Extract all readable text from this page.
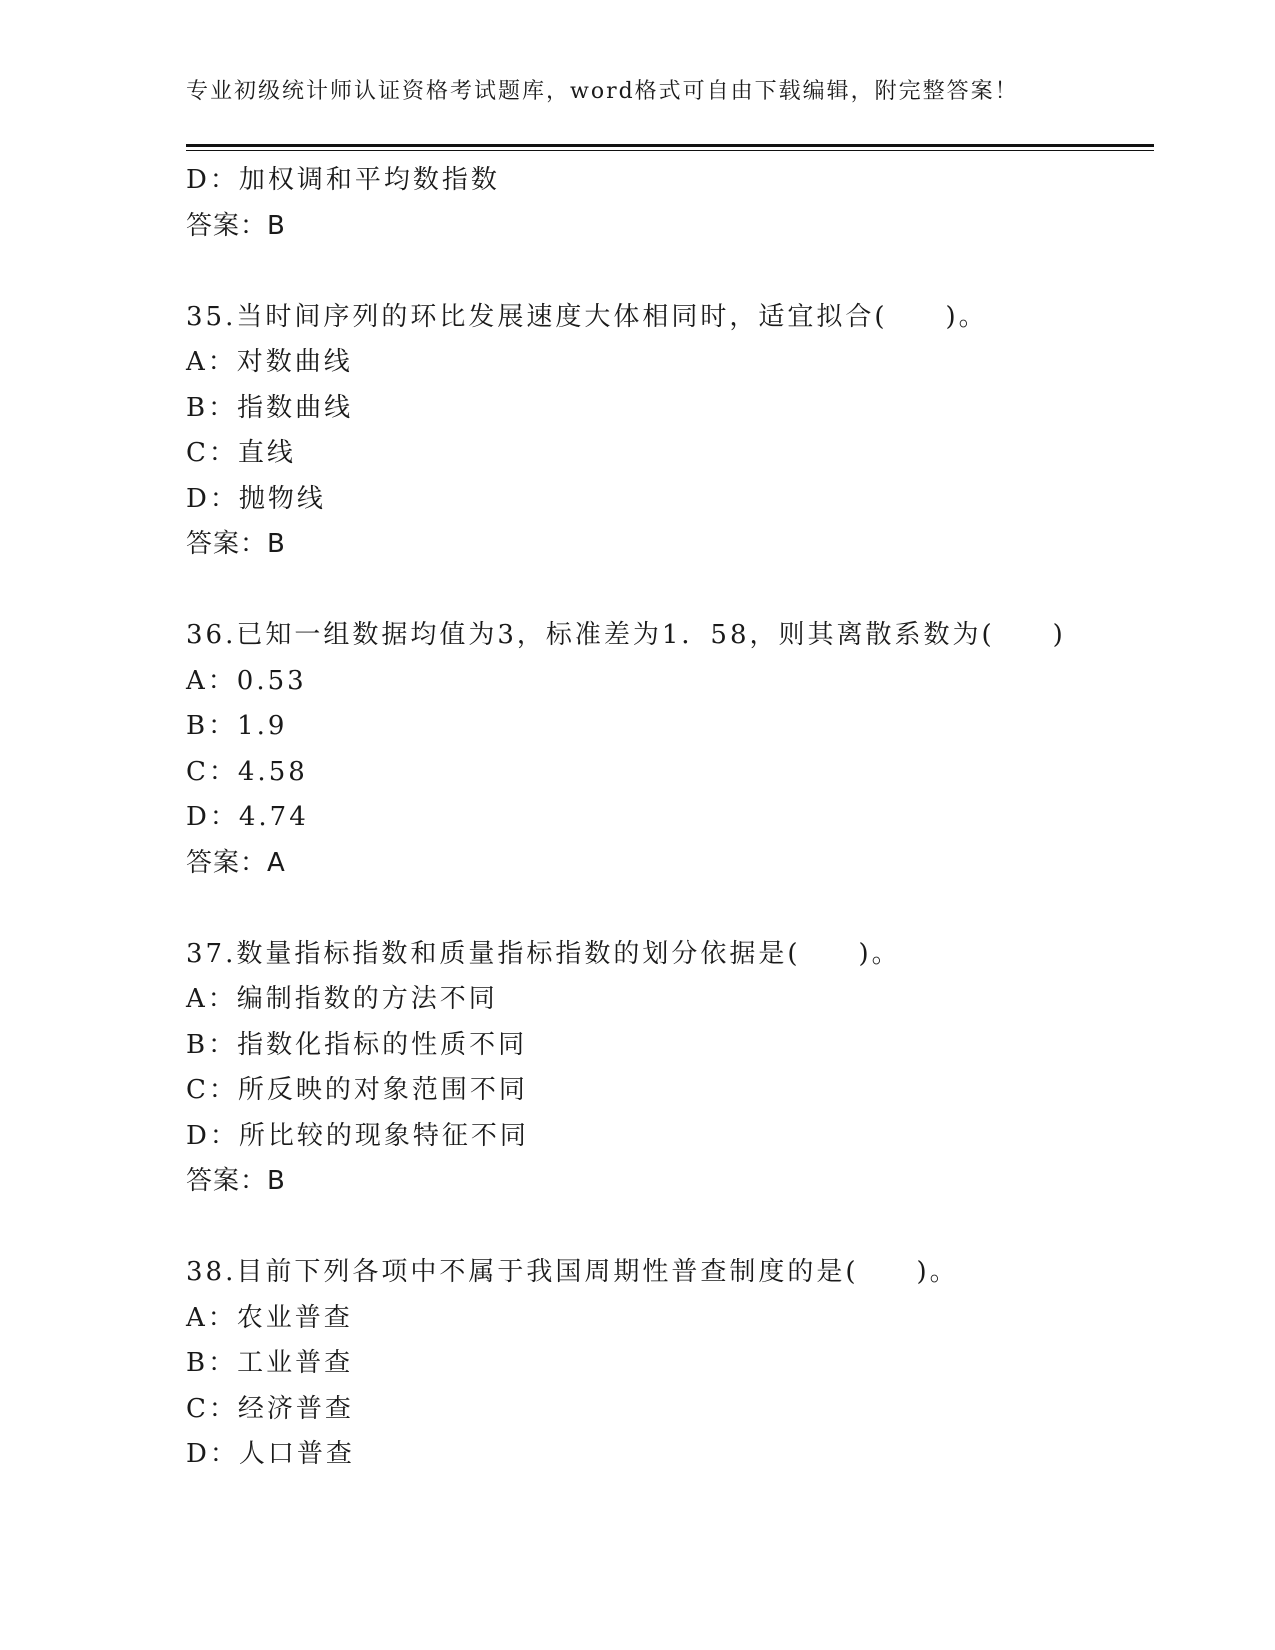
专业初级统计师认证资格考试题库，word格式可自由下载编辑，附完整答案！
D：加权调和平均数指数
答案：B
35.当时间序列的环比发展速度大体相同时，适宜拟合(　　)。
A：对数曲线
B：指数曲线
C：直线
D：抛物线
答案：B
36.已知一组数据均值为3，标准差为1．58，则其离散系数为(　　)
A：0.53
B：1.9
C：4.58
D：4.74
答案：A
37.数量指标指数和质量指标指数的划分依据是(　　)。
A：编制指数的方法不同
B：指数化指标的性质不同
C：所反映的对象范围不同
D：所比较的现象特征不同
答案：B
38.目前下列各项中不属于我国周期性普查制度的是(　　)。
A：农业普查
B：工业普查
C：经济普查
D：人口普查
